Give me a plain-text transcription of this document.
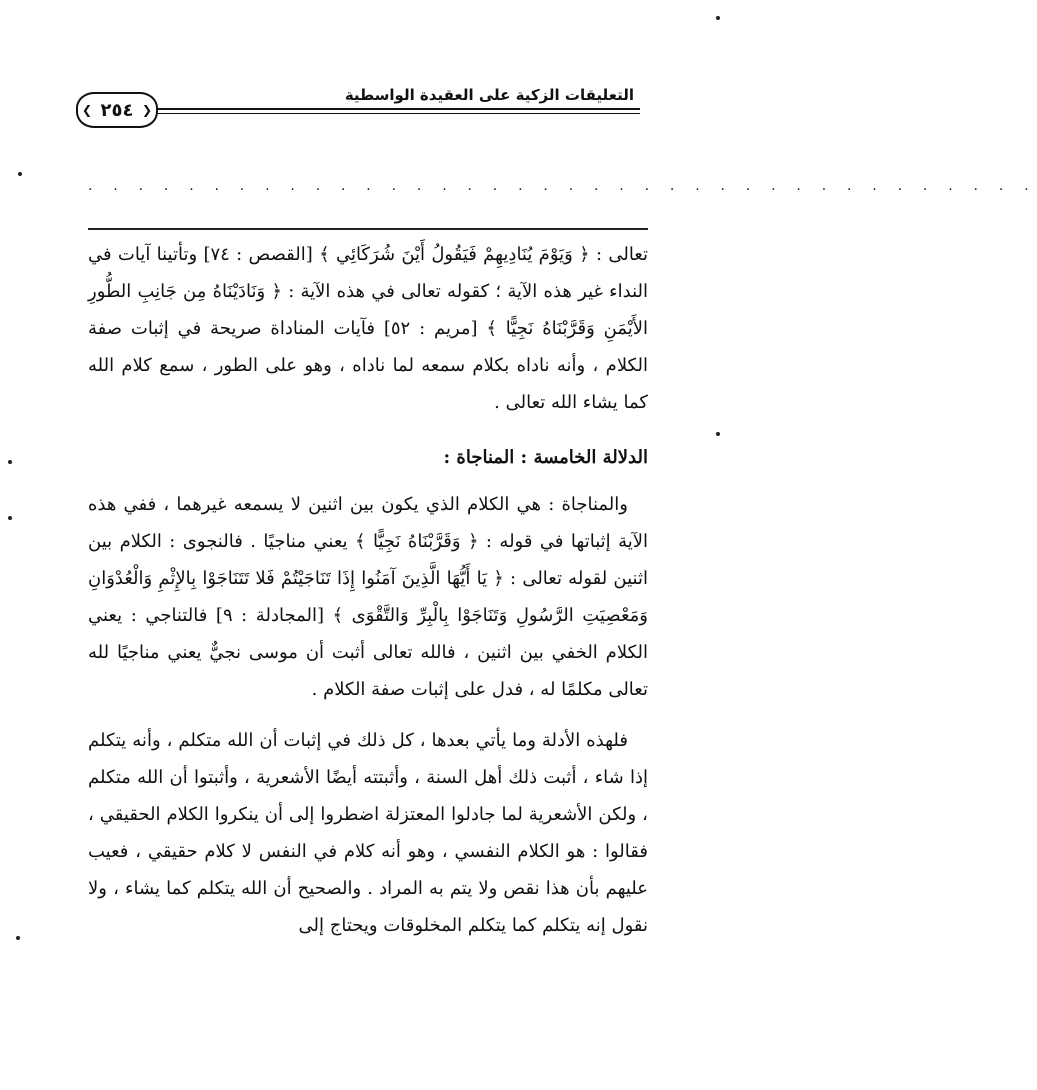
التعليقات الزكية على العقيدة الواسطية
❮ ٢٥٤ ❯
. . . . . . . . . . . . . . . . . . . . . . . . . . . . . . . . . . . . . .

تعالى : ﴿ وَيَوْمَ يُنَادِيهِمْ فَيَقُولُ أَيْنَ شُرَكَائِي ﴾ [القصص : ٧٤] وتأتينا آيات في النداء غير هذه الآية ؛ كقوله تعالى في هذه الآية : ﴿ وَنَادَيْنَاهُ مِن جَانِبِ الطُّورِ الأَيْمَنِ وَقَرَّبْنَاهُ نَجِيًّا ﴾ [مريم : ٥٢] فآيات المناداة صريحة في إثبات صفة الكلام ، وأنه ناداه بكلام سمعه لما ناداه ، وهو على الطور ، سمع كلام الله كما يشاء الله تعالى .

الدلالة الخامسة : المناجاة :

والمناجاة : هي الكلام الذي يكون بين اثنين لا يسمعه غيرهما ، ففي هذه الآية إثباتها في قوله : ﴿ وَقَرَّبْنَاهُ نَجِيًّا ﴾ يعني مناجيًا . فالنجوى : الكلام بين اثنين لقوله تعالى : ﴿ يَا أَيُّهَا الَّذِينَ آمَنُوا إِذَا تَنَاجَيْتُمْ فَلا تَتَنَاجَوْا بِالإِثْمِ وَالْعُدْوَانِ وَمَعْصِيَتِ الرَّسُولِ وَتَنَاجَوْا بِالْبِرِّ وَالتَّقْوَى ﴾ [المجادلة : ٩] فالتناجي : يعني الكلام الخفي بين اثنين ، فالله تعالى أثبت أن موسى نجيٌّ يعني مناجيًا لله تعالى مكلمًا له ، فدل على إثبات صفة الكلام .

فلهذه الأدلة وما يأتي بعدها ، كل ذلك في إثبات أن الله متكلم ، وأنه يتكلم إذا شاء ، أثبت ذلك أهل السنة ، وأثبتته أيضًا الأشعرية ، وأثبتوا أن الله متكلم ، ولكن الأشعرية لما جادلوا المعتزلة اضطروا إلى أن ينكروا الكلام الحقيقي ، فقالوا : هو الكلام النفسي ، وهو أنه كلام في النفس لا كلام حقيقي ، فعيب عليهم بأن هذا نقص ولا يتم به المراد . والصحيح أن الله يتكلم كما يشاء ، ولا نقول إنه يتكلم كما يتكلم المخلوقات ويحتاج إلى
